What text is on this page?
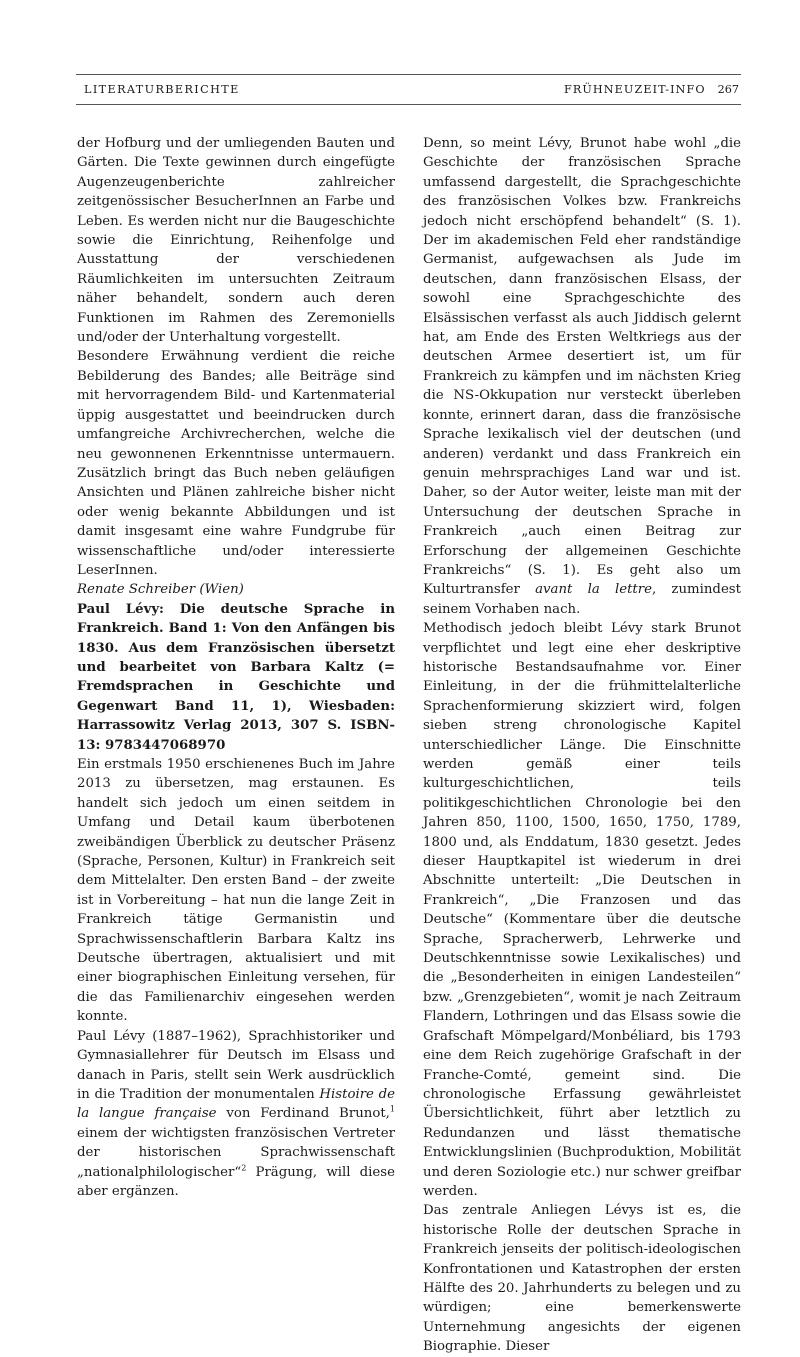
LITERATURBERICHTE	FRÜHNEUZEIT-INFO 267

der Hofburg und der umliegenden Bauten und Gärten. Die Texte gewinnen durch eingefügte Augenzeugenberichte zahlreicher zeitgenössischer BesucherInnen an Farbe und Leben. Es werden nicht nur die Baugeschichte sowie die Einrichtung, Reihenfolge und Ausstattung der verschiedenen Räumlichkeiten im untersuchten Zeitraum näher behandelt, sondern auch deren Funktionen im Rahmen des Zeremoniells und/oder der Unterhaltung vorgestellt.

Besondere Erwähnung verdient die reiche Bebilderung des Bandes; alle Beiträge sind mit hervorragendem Bild- und Kartenmaterial üppig ausgestattet und beeindrucken durch umfangreiche Archivrecherchen, welche die neu gewonnenen Erkenntnisse untermauern. Zusätzlich bringt das Buch neben geläufigen Ansichten und Plänen zahlreiche bisher nicht oder wenig bekannte Abbildungen und ist damit insgesamt eine wahre Fundgrube für wissenschaftliche und/oder interessierte LeserInnen.

Renate Schreiber (Wien)

Paul Lévy: Die deutsche Sprache in Frankreich. Band 1: Von den Anfängen bis 1830. Aus dem Französischen übersetzt und bearbeitet von Barbara Kaltz (= Fremdsprachen in Geschichte und Gegenwart Band 11, 1), Wiesbaden: Harrassowitz Verlag 2013, 307 S. ISBN-13: 9783447068970

Ein erstmals 1950 erschienenes Buch im Jahre 2013 zu übersetzen, mag erstaunen. Es handelt sich jedoch um einen seitdem in Umfang und Detail kaum überbotenen zweibändigen Überblick zu deutscher Präsenz (Sprache, Personen, Kultur) in Frankreich seit dem Mittelalter. Den ersten Band – der zweite ist in Vorbereitung – hat nun die lange Zeit in Frankreich tätige Germanistin und Sprachwissenschaftlerin Barbara Kaltz ins Deutsche übertragen, aktualisiert und mit einer biographischen Einleitung versehen, für die das Familienarchiv eingesehen werden konnte.

Paul Lévy (1887–1962), Sprachhistoriker und Gymnasiallehrer für Deutsch im Elsass und danach in Paris, stellt sein Werk ausdrücklich in die Tradition der monumentalen Histoire de la langue française von Ferdinand Brunot,$^1$ einem der wichtigsten französischen Vertreter der historischen Sprachwissenschaft „nationalphilologischer“$^2$ Prägung, will diese aber ergänzen.

Denn, so meint Lévy, Brunot habe wohl „die Geschichte der französischen Sprache umfassend dargestellt, die Sprachgeschichte des französischen Volkes bzw. Frankreichs jedoch nicht erschöpfend behandelt“ (S. 1). Der im akademischen Feld eher randständige Germanist, aufgewachsen als Jude im deutschen, dann französischen Elsass, der sowohl eine Sprachgeschichte des Elsässischen verfasst als auch Jiddisch gelernt hat, am Ende des Ersten Weltkriegs aus der deutschen Armee desertiert ist, um für Frankreich zu kämpfen und im nächsten Krieg die NS-Okkupation nur versteckt überleben konnte, erinnert daran, dass die französische Sprache lexikalisch viel der deutschen (und anderen) verdankt und dass Frankreich ein genuin mehrsprachiges Land war und ist. Daher, so der Autor weiter, leiste man mit der Untersuchung der deutschen Sprache in Frankreich „auch einen Beitrag zur Erforschung der allgemeinen Geschichte Frankreichs“ (S. 1). Es geht also um Kulturtransfer avant la lettre, zumindest seinem Vorhaben nach.

Methodisch jedoch bleibt Lévy stark Brunot verpflichtet und legt eine eher deskriptive historische Bestandsaufnahme vor. Einer Einleitung, in der die frühmittelalterliche Sprachenformierung skizziert wird, folgen sieben streng chronologische Kapitel unterschiedlicher Länge. Die Einschnitte werden gemäß einer teils kulturgeschichtlichen, teils politikgeschichtlichen Chronologie bei den Jahren 850, 1100, 1500, 1650, 1750, 1789, 1800 und, als Enddatum, 1830 gesetzt. Jedes dieser Hauptkapitel ist wiederum in drei Abschnitte unterteilt: „Die Deutschen in Frankreich“, „Die Franzosen und das Deutsche“ (Kommentare über die deutsche Sprache, Spracherwerb, Lehrwerke und Deutschkenntnisse sowie Lexikalisches) und die „Besonderheiten in einigen Landesteilen“ bzw. „Grenzgebieten“, womit je nach Zeitraum Flandern, Lothringen und das Elsass sowie die Grafschaft Mömpelgard/Monbéliard, bis 1793 eine dem Reich zugehörige Grafschaft in der Franche-Comté, gemeint sind. Die chronologische Erfassung gewährleistet Übersichtlichkeit, führt aber letztlich zu Redundanzen und lässt thematische Entwicklungslinien (Buchproduktion, Mobilität und deren Soziologie etc.) nur schwer greifbar werden.

Das zentrale Anliegen Lévys ist es, die historische Rolle der deutschen Sprache in Frankreich jenseits der politisch-ideologischen Konfrontationen und Katastrophen der ersten Hälfte des 20. Jahrhunderts zu belegen und zu würdigen; eine bemerkenswerte Unternehmung angesichts der eigenen Biographie. Dieser
